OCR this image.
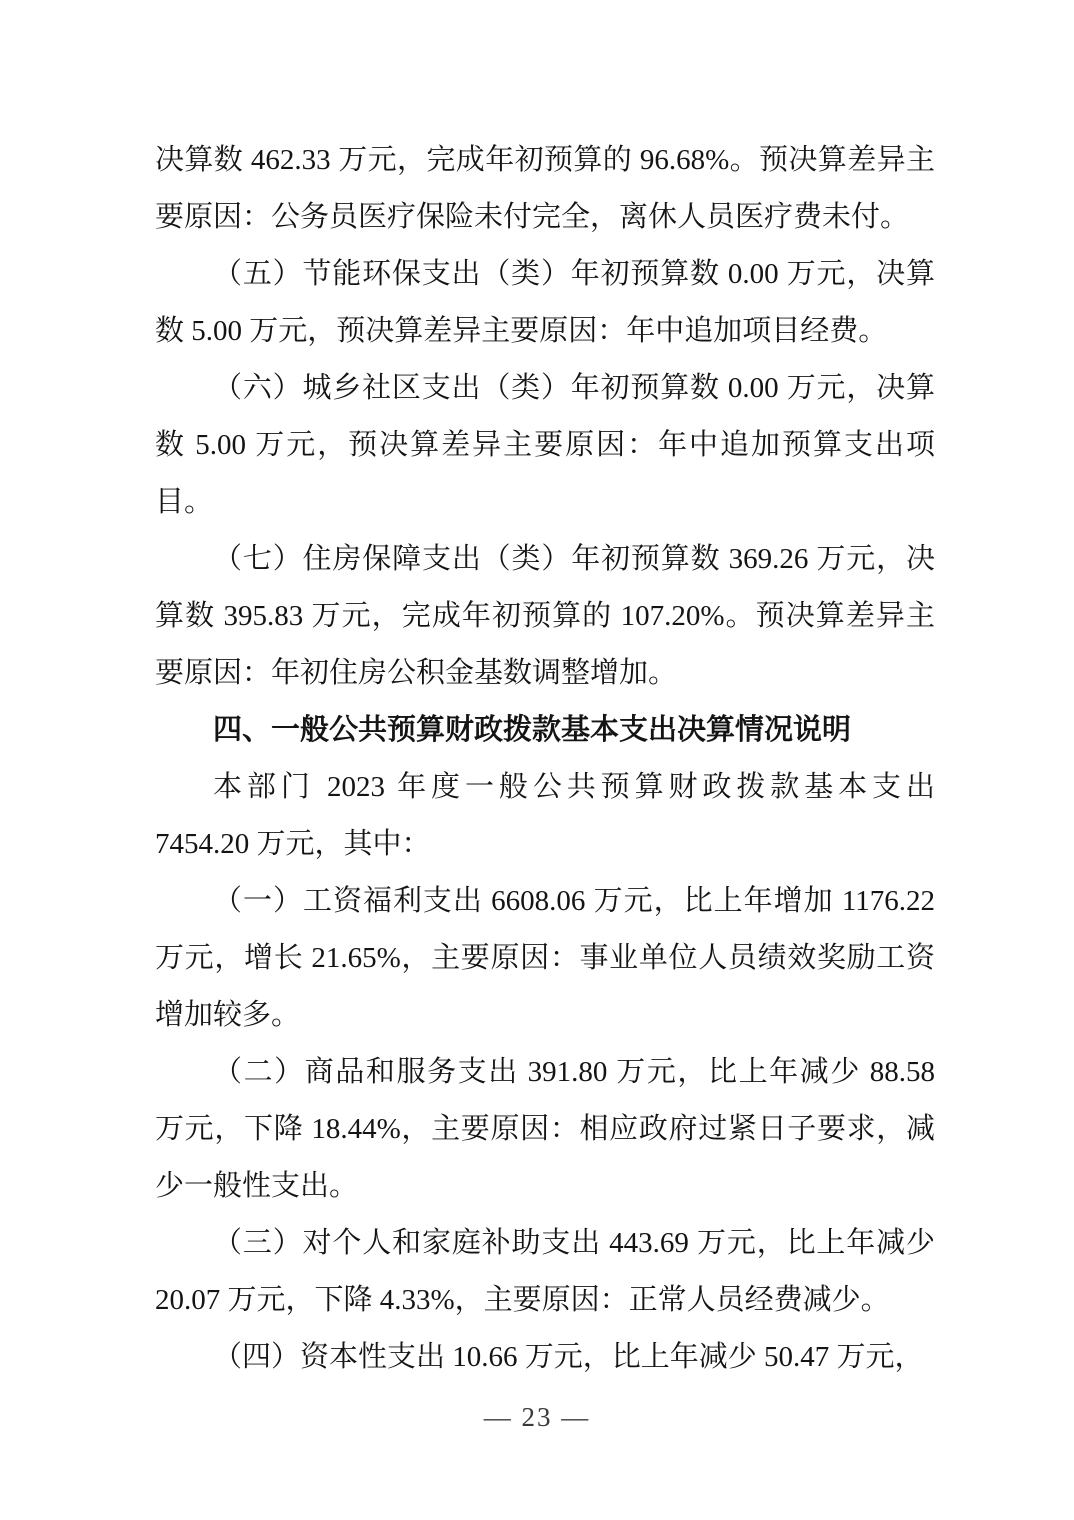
决算数 462.33 万元，完成年初预算的 96.68%。预决算差异主要原因：公务员医疗保险未付完全，离休人员医疗费未付。

（五）节能环保支出（类）年初预算数 0.00 万元，决算数 5.00 万元，预决算差异主要原因：年中追加项目经费。

（六）城乡社区支出（类）年初预算数 0.00 万元，决算数 5.00 万元，预决算差异主要原因：年中追加预算支出项目。

（七）住房保障支出（类）年初预算数 369.26 万元，决算数 395.83 万元，完成年初预算的 107.20%。预决算差异主要原因：年初住房公积金基数调整增加。

四、一般公共预算财政拨款基本支出决算情况说明

本部门 2023 年度一般公共预算财政拨款基本支出 7454.20 万元，其中：

（一）工资福利支出 6608.06 万元，比上年增加 1176.22 万元，增长 21.65%，主要原因：事业单位人员绩效奖励工资增加较多。

（二）商品和服务支出 391.80 万元，比上年减少 88.58 万元，下降 18.44%，主要原因：相应政府过紧日子要求，减少一般性支出。

（三）对个人和家庭补助支出 443.69 万元，比上年减少 20.07 万元，下降 4.33%，主要原因：正常人员经费减少。

（四）资本性支出 10.66 万元，比上年减少 50.47 万元，

— 23 —
